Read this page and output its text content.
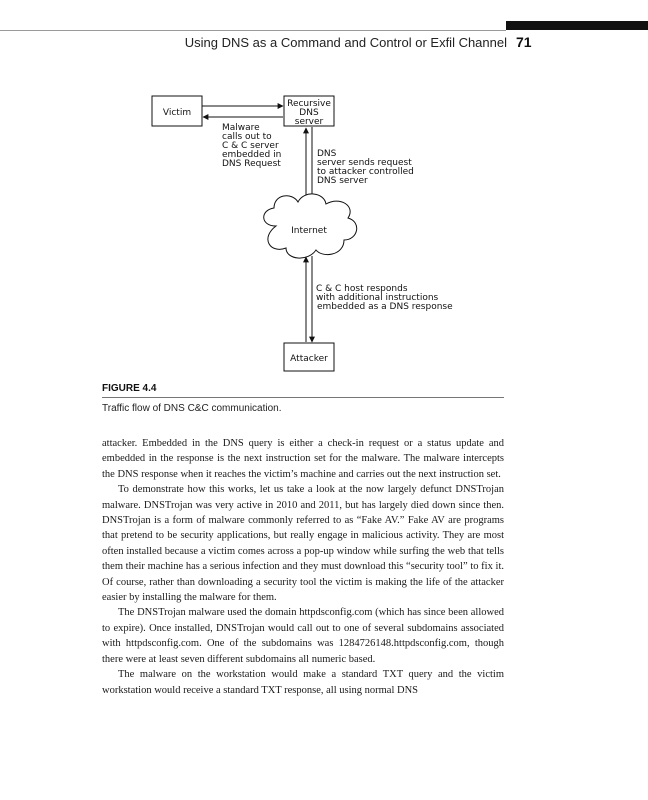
Using DNS as a Command and Control or Exfil Channel 71
Victim
Recursive
DNS
server
Malware
calls out to
C & C server
embedded in
DNS Request
DNS
server sends request
to attacker controlled
DNS server
Internet
C & C host responds
with additional instructions
embedded as a DNS response
Attacker
FIGURE 4.4
Traffic flow of DNS C&C communication.

attacker. Embedded in the DNS query is either a check-in request or a status update and embedded in the response is the next instruction set for the malware. The malware intercepts the DNS response when it reaches the victim’s machine and carries out the next instruction set.

To demonstrate how this works, let us take a look at the now largely defunct DNSTrojan malware. DNSTrojan was very active in 2010 and 2011, but has largely died down since then. DNSTrojan is a form of malware commonly referred to as “Fake AV.” Fake AV are programs that pretend to be security applications, but really engage in malicious activity. They are most often installed because a victim comes across a pop-up window while surfing the web that tells them their machine has a serious infection and they must download this “security tool” to fix it. Of course, rather than downloading a security tool the victim is making the life of the attacker easier by installing the malware for them.

The DNSTrojan malware used the domain httpdsconfig.com (which has since been allowed to expire). Once installed, DNSTrojan would call out to one of several subdomains associated with httpdsconfig.com. One of the subdomains was 1284726148.httpdsconfig.com, though there were at least seven different subdomains all numeric based.

The malware on the workstation would make a standard TXT query and the victim workstation would receive a standard TXT response, all using normal DNS
